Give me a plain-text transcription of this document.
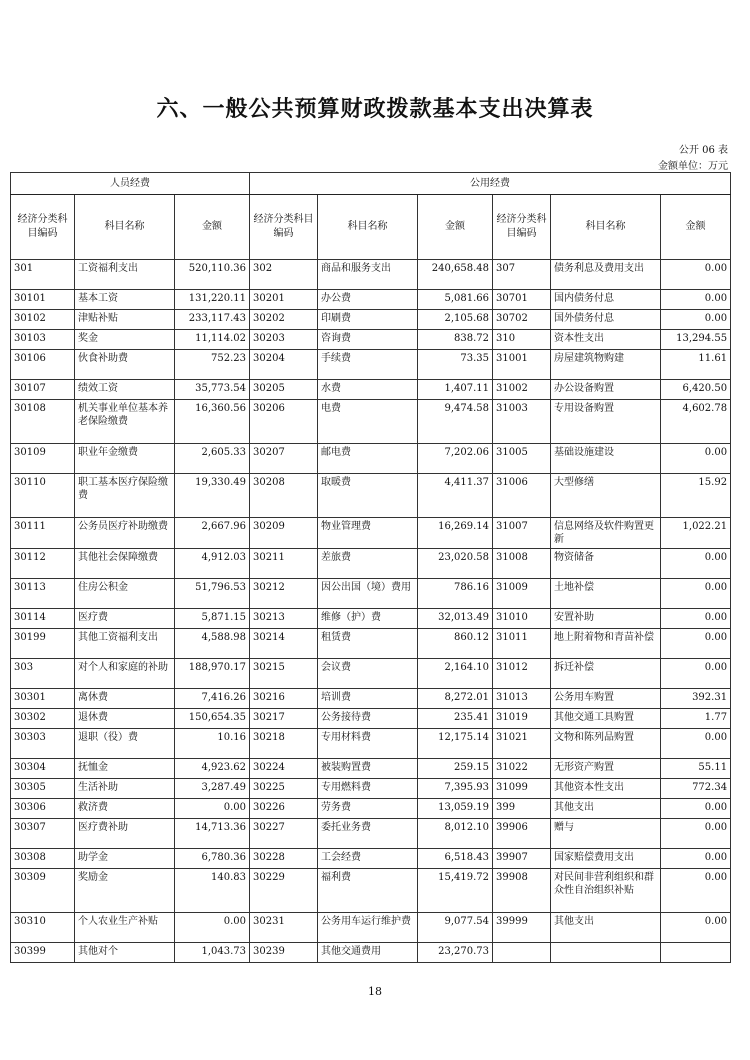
六、一般公共预算财政拨款基本支出决算表
公开 06 表
金额单位：万元
人员经费			公用经费					
经济分类科目编码	科目名称	金额	经济分类科目编码	科目名称	金额	经济分类科目编码	科目名称	金额
301	工资福利支出	520,110.36	302	商品和服务支出	240,658.48	307	债务利息及费用支出	0.00
30101	基本工资	131,220.11	30201	办公费	5,081.66	30701	国内债务付息	0.00
30102	津贴补贴	233,117.43	30202	印刷费	2,105.68	30702	国外债务付息	0.00
30103	奖金	11,114.02	30203	咨询费	838.72	310	资本性支出	13,294.55
30106	伙食补助费	752.23	30204	手续费	73.35	31001	房屋建筑物购建	11.61
30107	绩效工资	35,773.54	30205	水费	1,407.11	31002	办公设备购置	6,420.50
30108	机关事业单位基本养老保险缴费	16,360.56	30206	电费	9,474.58	31003	专用设备购置	4,602.78
30109	职业年金缴费	2,605.33	30207	邮电费	7,202.06	31005	基础设施建设	0.00
30110	职工基本医疗保险缴费	19,330.49	30208	取暖费	4,411.37	31006	大型修缮	15.92
30111	公务员医疗补助缴费	2,667.96	30209	物业管理费	16,269.14	31007	信息网络及软件购置更新	1,022.21
30112	其他社会保障缴费	4,912.03	30211	差旅费	23,020.58	31008	物资储备	0.00
30113	住房公积金	51,796.53	30212	因公出国（境）费用	786.16	31009	土地补偿	0.00
30114	医疗费	5,871.15	30213	维修（护）费	32,013.49	31010	安置补助	0.00
30199	其他工资福利支出	4,588.98	30214	租赁费	860.12	31011	地上附着物和青苗补偿	0.00
303	对个人和家庭的补助	188,970.17	30215	会议费	2,164.10	31012	拆迁补偿	0.00
30301	离休费	7,416.26	30216	培训费	8,272.01	31013	公务用车购置	392.31
30302	退休费	150,654.35	30217	公务接待费	235.41	31019	其他交通工具购置	1.77
30303	退职（役）费	10.16	30218	专用材料费	12,175.14	31021	文物和陈列品购置	0.00
30304	抚恤金	4,923.62	30224	被装购置费	259.15	31022	无形资产购置	55.11
30305	生活补助	3,287.49	30225	专用燃料费	7,395.93	31099	其他资本性支出	772.34
30306	救济费	0.00	30226	劳务费	13,059.19	399	其他支出	0.00
30307	医疗费补助	14,713.36	30227	委托业务费	8,012.10	39906	赠与	0.00
30308	助学金	6,780.36	30228	工会经费	6,518.43	39907	国家赔偿费用支出	0.00
30309	奖励金	140.83	30229	福利费	15,419.72	39908	对民间非营利组织和群众性自治组织补贴	0.00
30310	个人农业生产补贴	0.00	30231	公务用车运行维护费	9,077.54	39999	其他支出	0.00
30399	其他对个	1,043.73	30239	其他交通费用	23,270.73			
18
